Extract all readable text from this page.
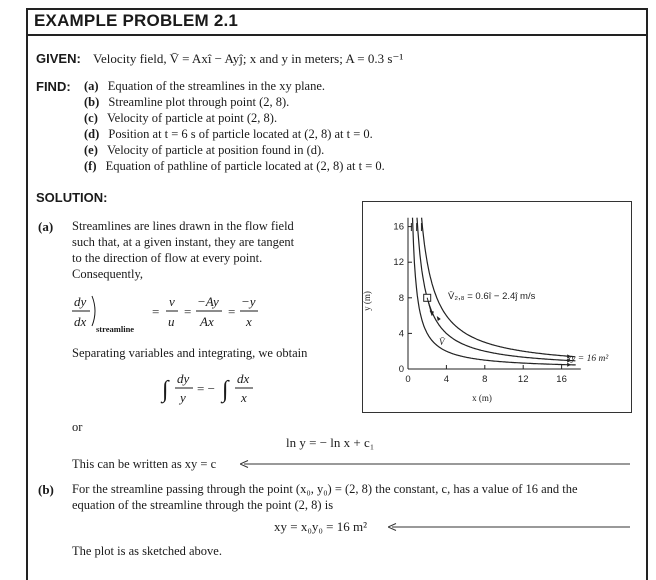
EXAMPLE PROBLEM 2.1
GIVEN: Velocity field, V̄ = Axî − Ayĵ; x and y in meters; A = 0.3 s⁻¹
FIND: (a) Equation of the streamlines in the xy plane.
(b) Streamline plot through point (2, 8).
(c) Velocity of particle at point (2, 8).
(d) Position at t = 6 s of particle located at (2, 8) at t = 0.
(e) Velocity of particle at position found in (d).
(f) Equation of pathline of particle located at (2, 8) at t = 0.
SOLUTION:
(a) Streamlines are lines drawn in the flow field
such that, at a given instant, they are tangent
to the direction of flow at every point.
Consequently,
dy
dx streamline
=
v
u
=
−Ay
Ax
=
−y
x
Separating variables and integrating, we obtain
∫ dy
y
= − ∫ dx
x
or
ln y = − ln x + c₁
This can be written as xy = c
(b) For the streamline passing through the point (x₀, y₀) = (2, 8) the constant, c, has a value of 16 and the
equation of the streamline through the point (2, 8) is
xy = x₀y₀ = 16 m²
The plot is as sketched above.
0	4	8	12	16
0
4
8
12
16
y (m)
x (m)
V̄₂,₈ = 0.6î − 2.4ĵ m/s
xy = 16 m²
V̄
